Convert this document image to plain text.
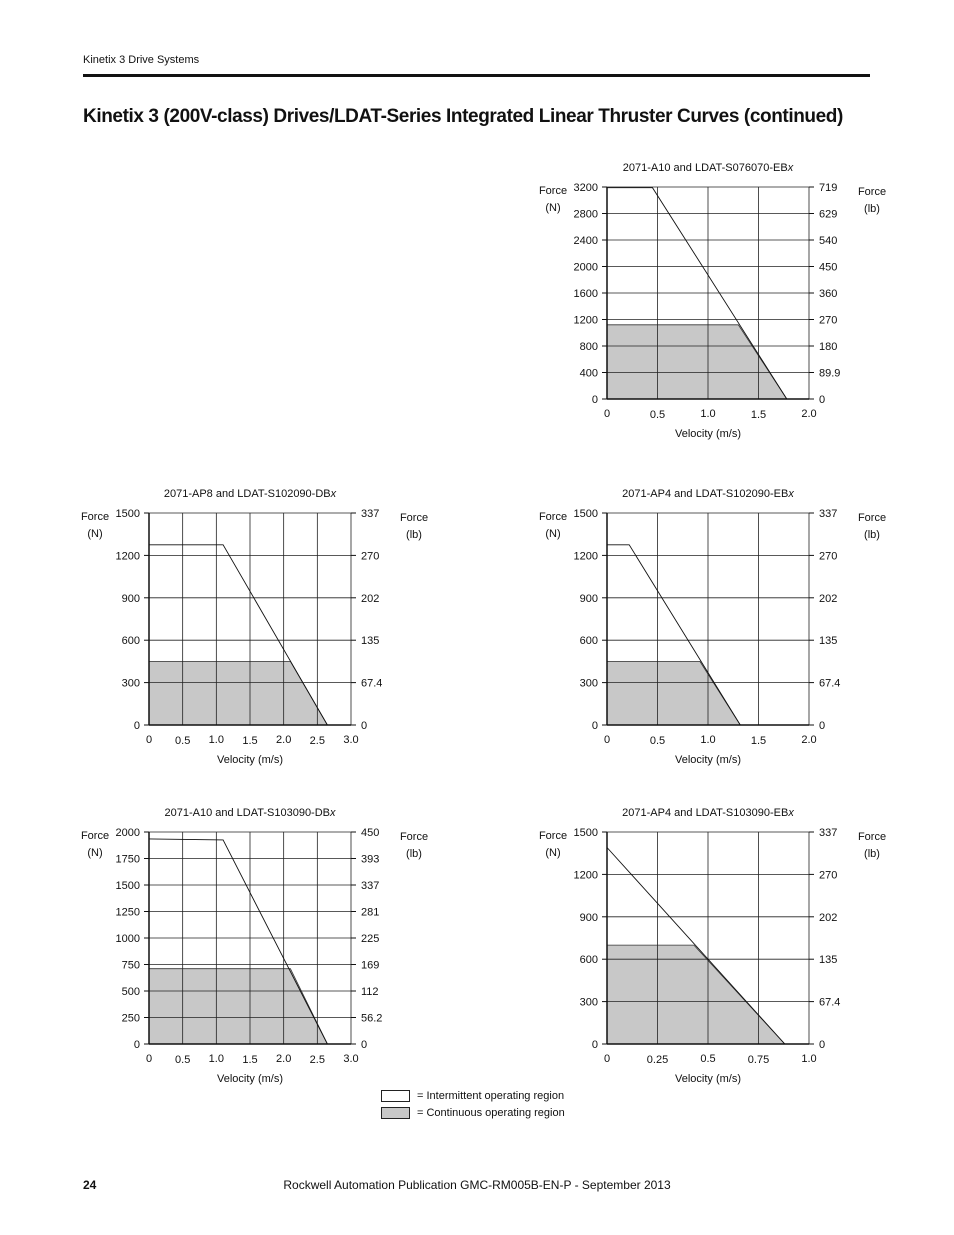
Kinetix 3 Drive Systems
Kinetix 3 (200V-class) Drives/LDAT-Series Integrated Linear Thruster Curves (continued)
0	0
400	89.9
800	180
1200	270
1600	360
2000	450
2400	540
2800	629
3200	719
0	0.5	1.0	1.5	2.0
2071-A10 and LDAT-S076070-EBx
Velocity (m/s)
Force
(N)
Force
(lb)
0	0
300	67.4
600	135
900	202
1200	270
1500	337
0 0.5 1.0 1.5 2.0 2.5 3.0
2071-AP8 and LDAT-S102090-DBx
Velocity (m/s)
Force
(N)
Force
(lb)
0	0
300	67.4
600	135
900	202
1200	270
1500	337
0	0.5	1.0	1.5	2.0
2071-AP4 and LDAT-S102090-EBx
Velocity (m/s)
Force
(N)
Force
(lb)
0	0
250	56.2
500	112
750	169
1000	225
1250	281
1500	337
1750	393
2000	450
0 0.5 1.0 1.5 2.0 2.5 3.0
2071-A10 and LDAT-S103090-DBx
Velocity (m/s)
Force
(N)
Force
(lb)
0	0
300	67.4
600	135
900	202
1200	270
1500	337
0	0.25	0.5	0.75	1.0
2071-AP4 and LDAT-S103090-EBx
Velocity (m/s)
Force
(N)
Force
(lb)
= Intermittent operating region
= Continuous operating region
24	Rockwell Automation Publication GMC-RM005B-EN-P - September 2013
